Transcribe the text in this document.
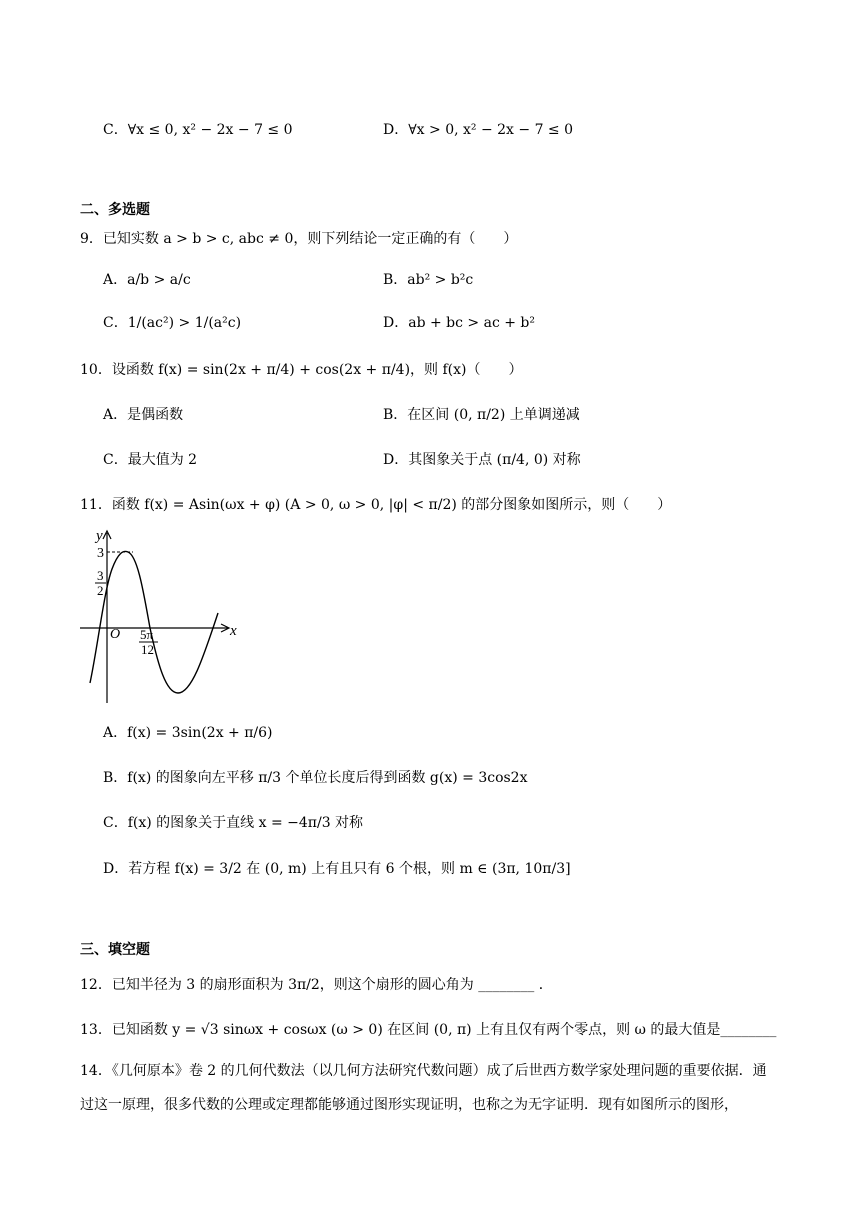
C．∀x ≤ 0, x² − 2x − 7 ≤ 0	D．∀x > 0, x² − 2x − 7 ≤ 0
二、多选题
9．已知实数 a > b > c, abc ≠ 0，则下列结论一定正确的有（　　）
A．a/b > a/c	B．ab² > b²c
C．1/(ac²) > 1/(a²c)	D．ab + bc > ac + b²
10．设函数 f(x) = sin(2x + π/4) + cos(2x + π/4)，则 f(x)（　　）
A．是偶函数	B．在区间 (0, π/2) 上单调递减
C．最大值为 2	D．其图象关于点 (π/4, 0) 对称
11．函数 f(x) = Asin(ωx + φ) (A > 0, ω > 0, |φ| < π/2) 的部分图象如图所示，则（　　）
y
x
O
3
3
2
5π
12
A．f(x) = 3sin(2x + π/6)
B．f(x) 的图象向左平移 π/3 个单位长度后得到函数 g(x) = 3cos2x
C．f(x) 的图象关于直线 x = −4π/3 对称
D．若方程 f(x) = 3/2 在 (0, m) 上有且只有 6 个根，则 m ∈ (3π, 10π/3]
三、填空题
12．已知半径为 3 的扇形面积为 3π/2，则这个扇形的圆心角为 ________ ．
13．已知函数 y = √3 sinωx + cosωx (ω > 0) 在区间 (0, π) 上有且仅有两个零点，则 ω 的最大值是________
14．《几何原本》卷 2 的几何代数法（以几何方法研究代数问题）成了后世西方数学家处理问题的重要依据．通
过这一原理，很多代数的公理或定理都能够通过图形实现证明，也称之为无字证明．现有如图所示的图形，
